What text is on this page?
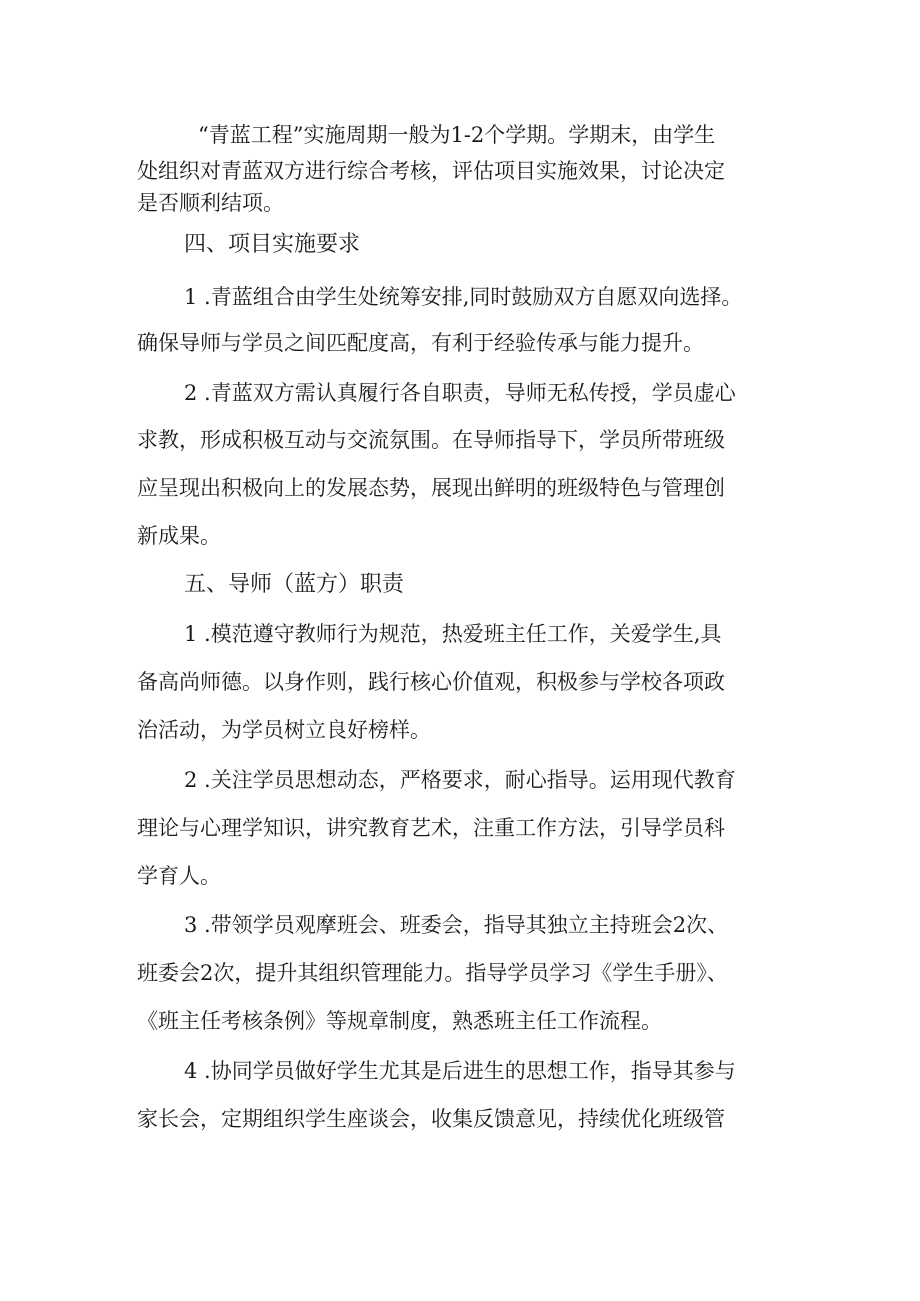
“青蓝工程”实施周期一般为1-2个学期。学期末，由学生
处组织对青蓝双方进行综合考核，评估项目实施效果，讨论决定
是否顺利结项。
四、项目实施要求
1 .青蓝组合由学生处统筹安排,同时鼓励双方自愿双向选择。
确保导师与学员之间匹配度高，有利于经验传承与能力提升。
2 .青蓝双方需认真履行各自职责，导师无私传授，学员虚心
求教，形成积极互动与交流氛围。在导师指导下，学员所带班级
应呈现出积极向上的发展态势，展现出鲜明的班级特色与管理创
新成果。
五、导师（蓝方）职责
1 .模范遵守教师行为规范，热爱班主任工作，关爱学生,具
备高尚师德。以身作则，践行核心价值观，积极参与学校各项政
治活动，为学员树立良好榜样。
2 .关注学员思想动态，严格要求，耐心指导。运用现代教育
理论与心理学知识，讲究教育艺术，注重工作方法，引导学员科
学育人。
3 .带领学员观摩班会、班委会，指导其独立主持班会2次、
班委会2次，提升其组织管理能力。指导学员学习《学生手册》、
《班主任考核条例》等规章制度，熟悉班主任工作流程。
4 .协同学员做好学生尤其是后进生的思想工作，指导其参与
家长会，定期组织学生座谈会，收集反馈意见，持续优化班级管
